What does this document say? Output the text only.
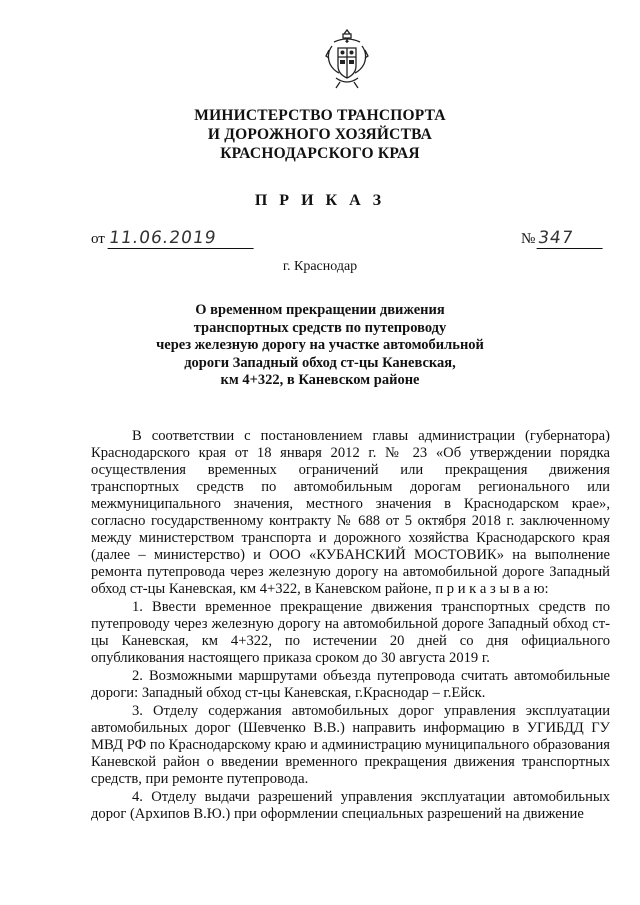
МИНИСТЕРСТВО ТРАНСПОРТА
И ДОРОЖНОГО ХОЗЯЙСТВА
КРАСНОДАРСКОГО КРАЯ
П Р И К А З
от 11.06.2019	№347
г. Краснодар
О временном прекращении движения
транспортных средств по путепроводу
через железную дорогу на участке автомобильной
дороги Западный обход ст-цы Каневская,
км 4+322, в Каневском районе

В соответствии с постановлением главы администрации (губернатора) Краснодарского края от 18 января 2012 г. № 23 «Об утверждении порядка осуществления временных ограничений или прекращения движения транспортных средств по автомобильным дорогам регионального или межмуниципального значения, местного значения в Краснодарском крае», согласно государственному контракту № 688 от 5 октября 2018 г. заключенному между министерством транспорта и дорожного хозяйства Краснодарского края (далее – министерство) и ООО «КУБАНСКИЙ МОСТОВИК» на выполнение ремонта путепровода через железную дорогу на автомобильной дороге Западный обход ст-цы Каневская, км 4+322, в Каневском районе, п р и к а з ы в а ю:

1. Ввести временное прекращение движения транспортных средств по путепроводу через железную дорогу на автомобильной дороге Западный обход ст-цы Каневская, км 4+322, по истечении 20 дней со дня официального опубликования настоящего приказа сроком до 30 августа 2019 г.

2. Возможными маршрутами объезда путепровода считать автомобильные дороги: Западный обход ст-цы Каневская, г.Краснодар – г.Ейск.

3. Отделу содержания автомобильных дорог управления эксплуатации автомобильных дорог (Шевченко В.В.) направить информацию в УГИБДД ГУ МВД РФ по Краснодарскому краю и администрацию муниципального образования Каневской район о введении временного прекращения движения транспортных средств, при ремонте путепровода.

4. Отделу выдачи разрешений управления эксплуатации автомобильных дорог (Архипов В.Ю.) при оформлении специальных разрешений на движение
